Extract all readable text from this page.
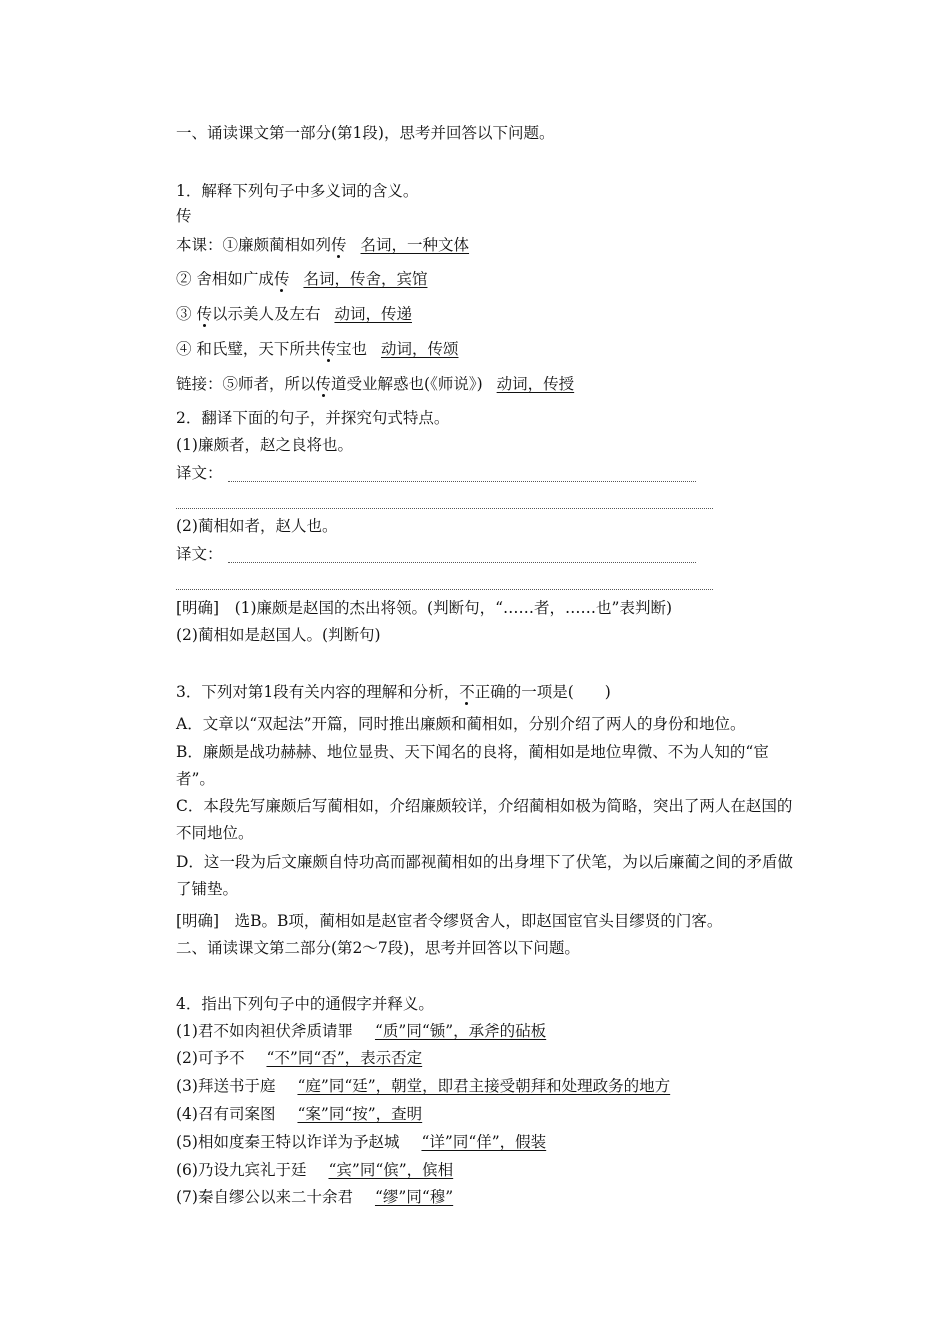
一、诵读课文第一部分(第1段)，思考并回答以下问题。
1．解释下列句子中多义词的含义。
传
本课：①廉颇蔺相如列传 名词，一种文体
② 舍相如广成传 名词，传舍，宾馆
③ 传以示美人及左右 动词，传递
④ 和氏璧，天下所共传宝也 动词，传颂
链接：⑤师者，所以传道受业解惑也(《师说》) 动词，传授
2．翻译下面的句子，并探究句式特点。
(1)廉颇者，赵之良将也。
译文：
(2)蔺相如者，赵人也。
译文：
[明确]　(1)廉颇是赵国的杰出将领。(判断句，“……者，……也”表判断)
(2)蔺相如是赵国人。(判断句)
3．下列对第1段有关内容的理解和分析，不正确的一项是(　　)
A．文章以“双起法”开篇，同时推出廉颇和蔺相如，分别介绍了两人的身份和地位。
B．廉颇是战功赫赫、地位显贵、天下闻名的良将，蔺相如是地位卑微、不为人知的“宦者”。
C．本段先写廉颇后写蔺相如，介绍廉颇较详，介绍蔺相如极为简略，突出了两人在赵国的不同地位。
D．这一段为后文廉颇自恃功高而鄙视蔺相如的出身埋下了伏笔，为以后廉蔺之间的矛盾做了铺垫。
[明确]　选B。B项，蔺相如是赵宦者令缪贤舍人，即赵国宦官头目缪贤的门客。
二、诵读课文第二部分(第2～7段)，思考并回答以下问题。
4．指出下列句子中的通假字并释义。
(1)君不如肉袒伏斧质请罪 “质”同“锧”，承斧的砧板
(2)可予不 “不”同“否”，表示否定
(3)拜送书于庭 “庭”同“廷”，朝堂，即君主接受朝拜和处理政务的地方
(4)召有司案图 “案”同“按”，查明
(5)相如度秦王特以诈详为予赵城 “详”同“佯”，假装
(6)乃设九宾礼于廷 “宾”同“傧”，傧相
(7)秦自缪公以来二十余君 “缪”同“穆”
